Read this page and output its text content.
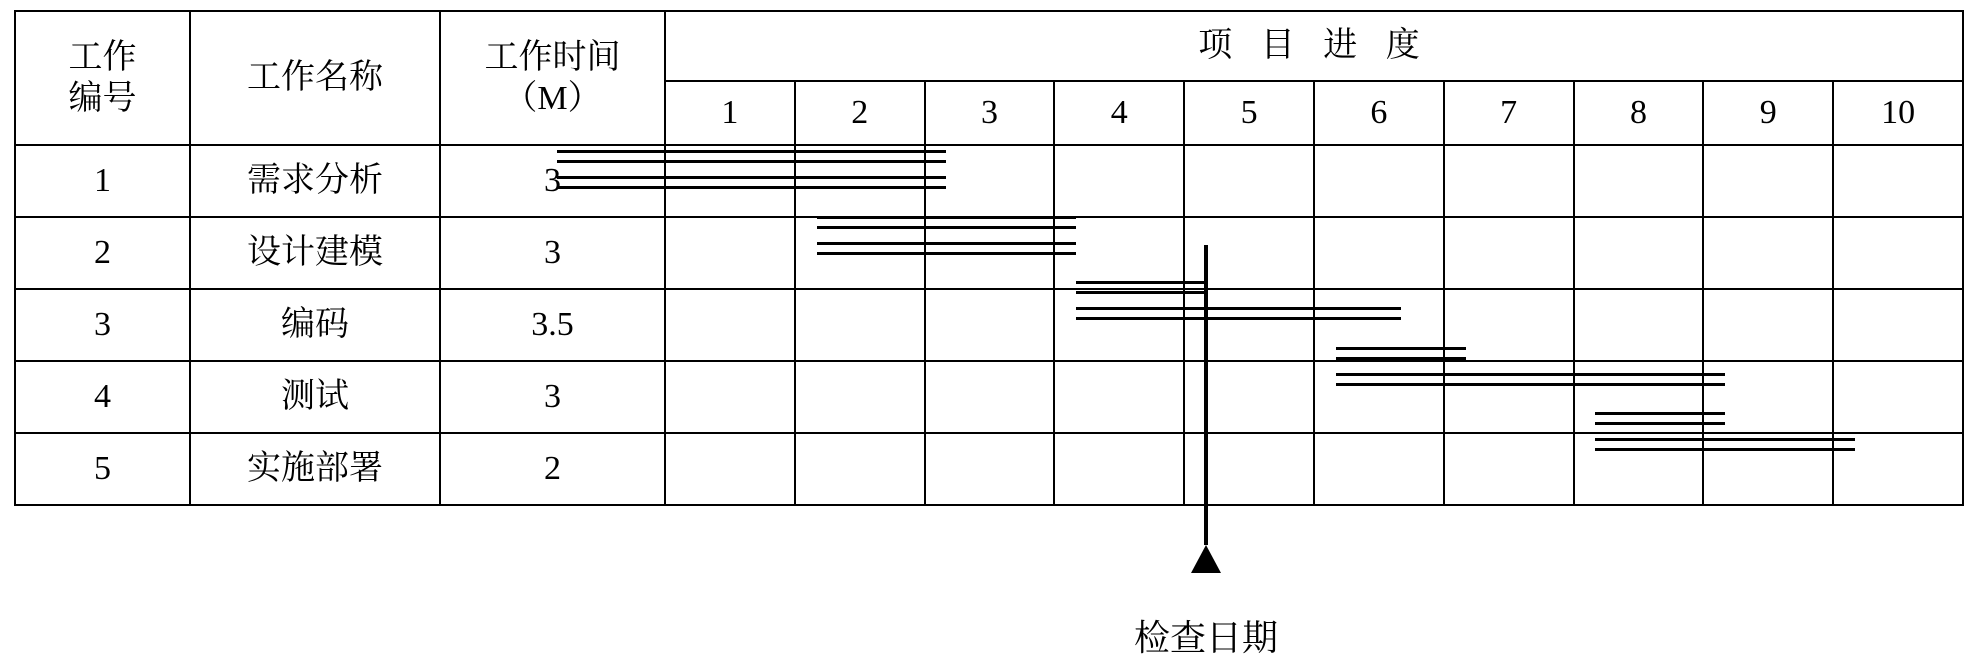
工作
编号
	工作名称	
工作时间
（M）
	项 目 进 度
			1	2	3	4	5	6	7	8	9	10
1	需求分析	3										
2	设计建模	3										
3	编码	3.5										
4	测试	3										
5	实施部署	2										
检查日期
